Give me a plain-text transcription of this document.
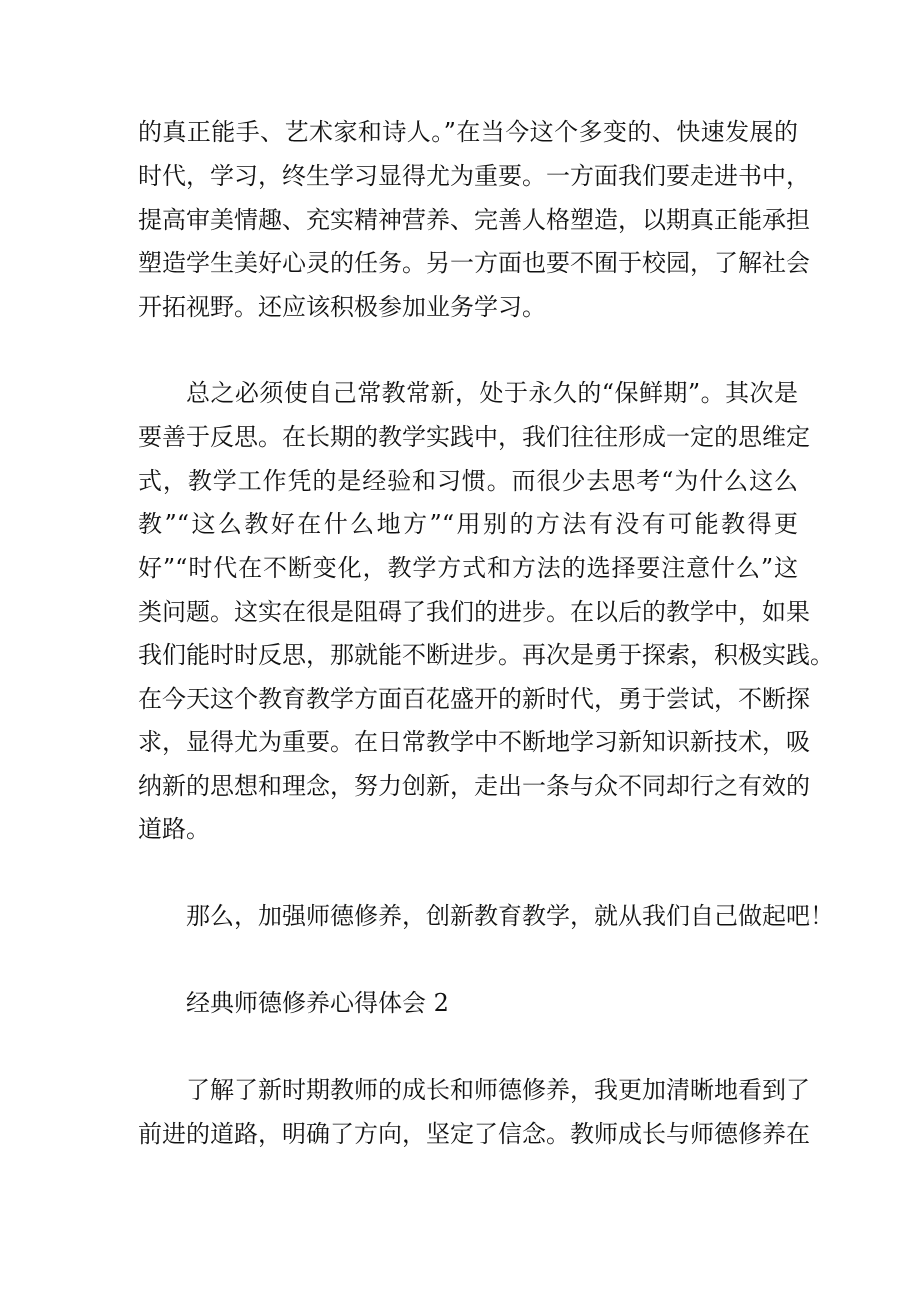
的真正能手、艺术家和诗人。”在当今这个多变的、快速发展的
时代，学习，终生学习显得尤为重要。一方面我们要走进书中，
提高审美情趣、充实精神营养、完善人格塑造，以期真正能承担
塑造学生美好心灵的任务。另一方面也要不囿于校园，了解社会
开拓视野。还应该积极参加业务学习。
总之必须使自己常教常新，处于永久的“保鲜期”。其次是
要善于反思。在长期的教学实践中，我们往往形成一定的思维定
式，教学工作凭的是经验和习惯。而很少去思考“为什么这么
教”“这么教好在什么地方”“用别的方法有没有可能教得更
好”“时代在不断变化，教学方式和方法的选择要注意什么”这
类问题。这实在很是阻碍了我们的进步。在以后的教学中，如果
我们能时时反思，那就能不断进步。再次是勇于探索，积极实践。
在今天这个教育教学方面百花盛开的新时代，勇于尝试，不断探
求，显得尤为重要。在日常教学中不断地学习新知识新技术，吸
纳新的思想和理念，努力创新，走出一条与众不同却行之有效的
道路。
那么，加强师德修养，创新教育教学，就从我们自己做起吧！
经典师德修养心得体会 2
了解了新时期教师的成长和师德修养，我更加清晰地看到了
前进的道路，明确了方向，坚定了信念。教师成长与师德修养在
